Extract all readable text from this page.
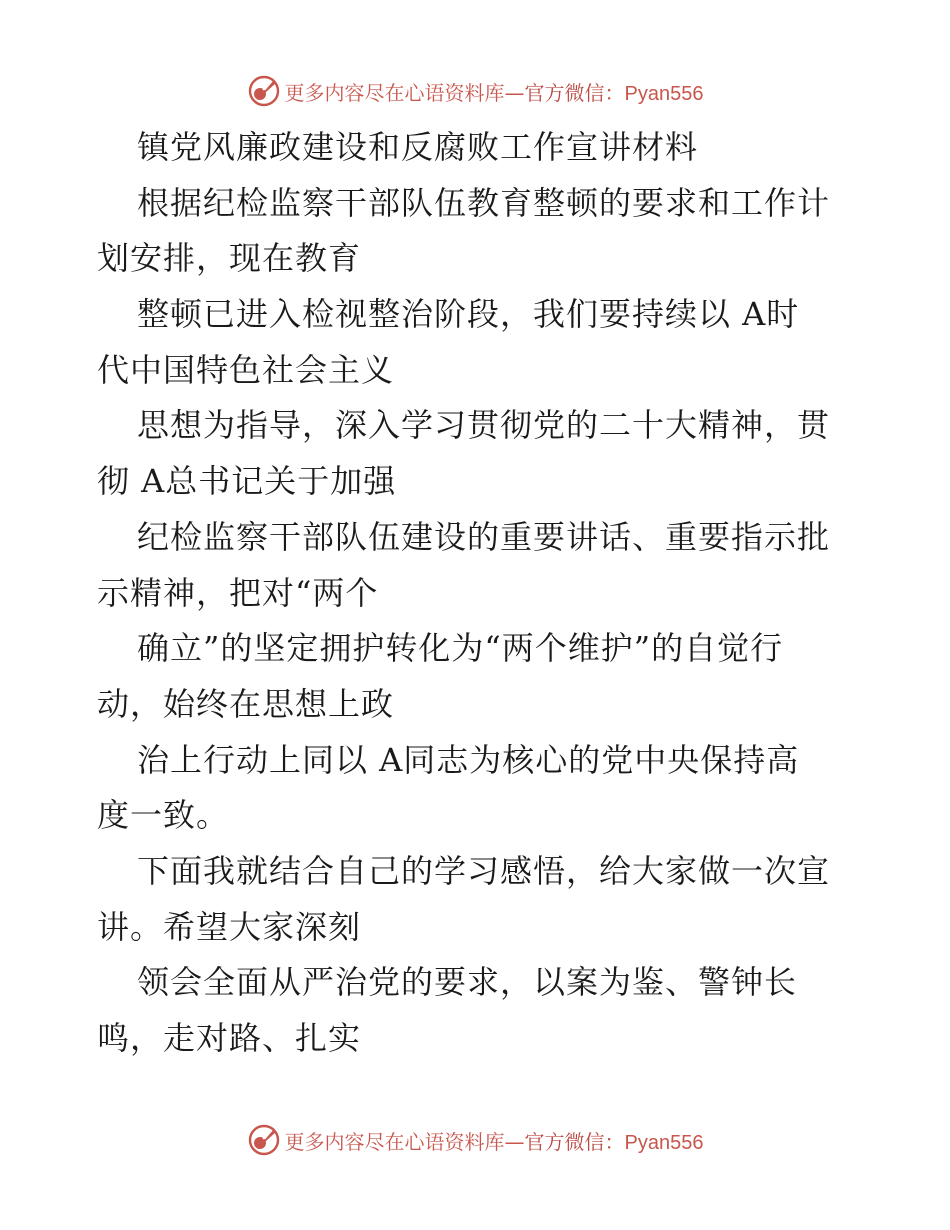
更多内容尽在心语资料库—官方微信：Pyan556
镇党风廉政建设和反腐败工作宣讲材料
根据纪检监察干部队伍教育整顿的要求和工作计
划安排，现在教育
整顿已进入检视整治阶段，我们要持续以 A时
代中国特色社会主义
思想为指导，深入学习贯彻党的二十大精神，贯
彻 A总书记关于加强
纪检监察干部队伍建设的重要讲话、重要指示批
示精神，把对“两个
确立”的坚定拥护转化为“两个维护”的自觉行
动，始终在思想上政
治上行动上同以 A同志为核心的党中央保持高
度一致。
下面我就结合自己的学习感悟，给大家做一次宣
讲。希望大家深刻
领会全面从严治党的要求，以案为鉴、警钟长
鸣，走对路、扎实
更多内容尽在心语资料库—官方微信：Pyan556
